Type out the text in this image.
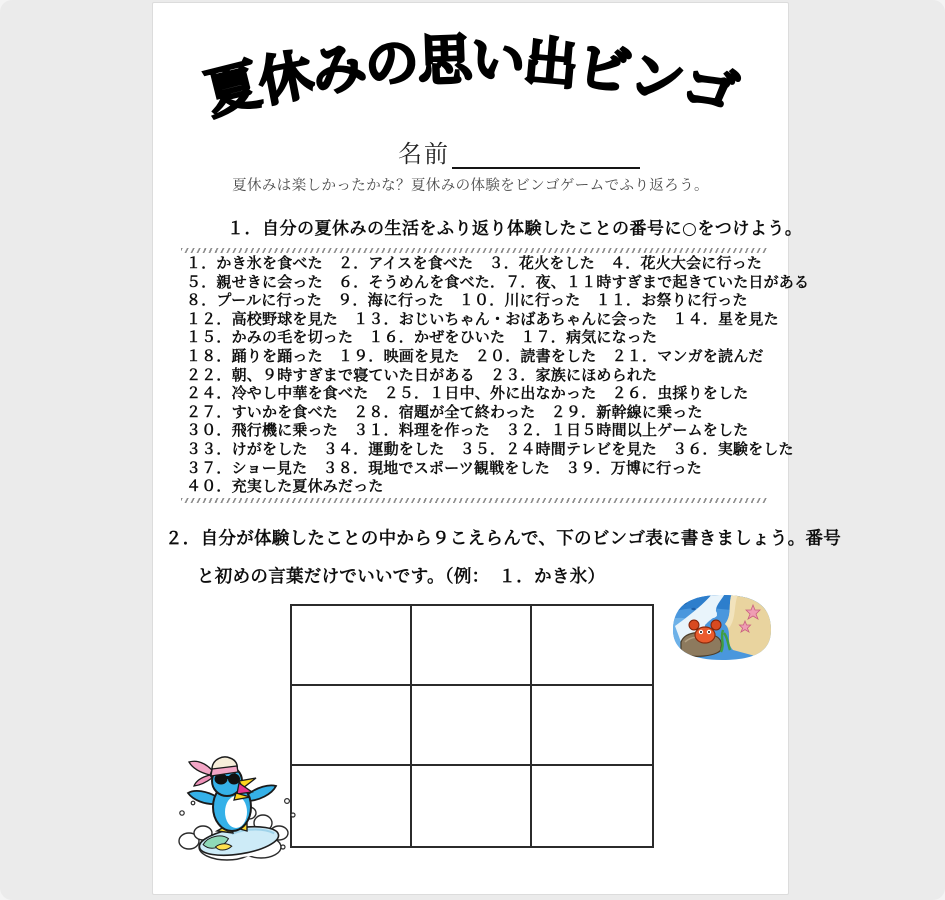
夏休みの思い出ビンゴ
名前
夏休みは楽しかったかな？夏休みの体験をビンゴゲームでふり返ろう。
１．自分の夏休みの生活をふり返り体験したことの番号に○をつけよう。
１．かき氷を食べた　２．アイスを食べた　３．花火をした　４．花火大会に行った
５．親せきに会った　６．そうめんを食べた．７．夜、１１時すぎまで起きていた日がある
８．プールに行った　９．海に行った　１０．川に行った　１１．お祭りに行った
１２．高校野球を見た　１３．おじいちゃん・おばあちゃんに会った　１４．星を見た
１５．かみの毛を切った　１６．かぜをひいた　１７．病気になった
１８．踊りを踊った　１９．映画を見た　２０．読書をした　２１．マンガを読んだ
２２．朝、９時すぎまで寝ていた日がある　２３．家族にほめられた
２４．冷やし中華を食べた　２５．１日中、外に出なかった　２６．虫採りをした
２７．すいかを食べた　２８．宿題が全て終わった　２９．新幹線に乗った
３０．飛行機に乗った　３１．料理を作った　３２．１日５時間以上ゲームをした
３３．けがをした　３４．運動をした　３５．２４時間テレビを見た　３６．実験をした
３７．ショー見た　３８．現地でスポーツ観戦をした　３９．万博に行った
４０．充実した夏休みだった
２．自分が体験したことの中から９こえらんで、下のビンゴ表に書きましょう。番号
と初めの言葉だけでいいです。（例：　１．かき氷）
